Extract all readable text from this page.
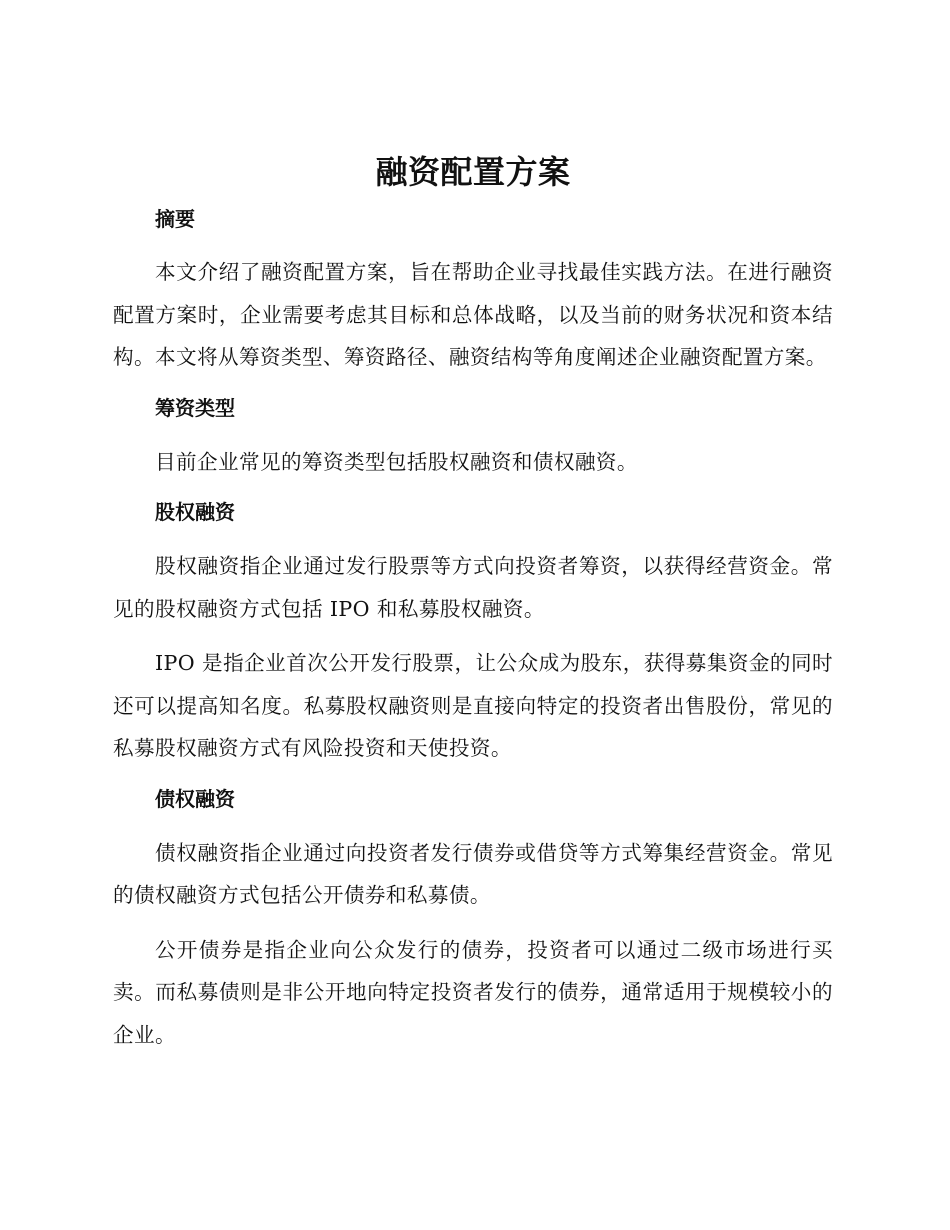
融资配置方案
摘要

本文介绍了融资配置方案，旨在帮助企业寻找最佳实践方法。在进行融资配置方案时，企业需要考虑其目标和总体战略，以及当前的财务状况和资本结构。本文将从筹资类型、筹资路径、融资结构等角度阐述企业融资配置方案。

筹资类型

目前企业常见的筹资类型包括股权融资和债权融资。

股权融资

股权融资指企业通过发行股票等方式向投资者筹资，以获得经营资金。常见的股权融资方式包括 IPO 和私募股权融资。

IPO 是指企业首次公开发行股票，让公众成为股东，获得募集资金的同时还可以提高知名度。私募股权融资则是直接向特定的投资者出售股份，常见的私募股权融资方式有风险投资和天使投资。

债权融资

债权融资指企业通过向投资者发行债券或借贷等方式筹集经营资金。常见的债权融资方式包括公开债券和私募债。

公开债券是指企业向公众发行的债券，投资者可以通过二级市场进行买卖。而私募债则是非公开地向特定投资者发行的债券，通常适用于规模较小的企业。
